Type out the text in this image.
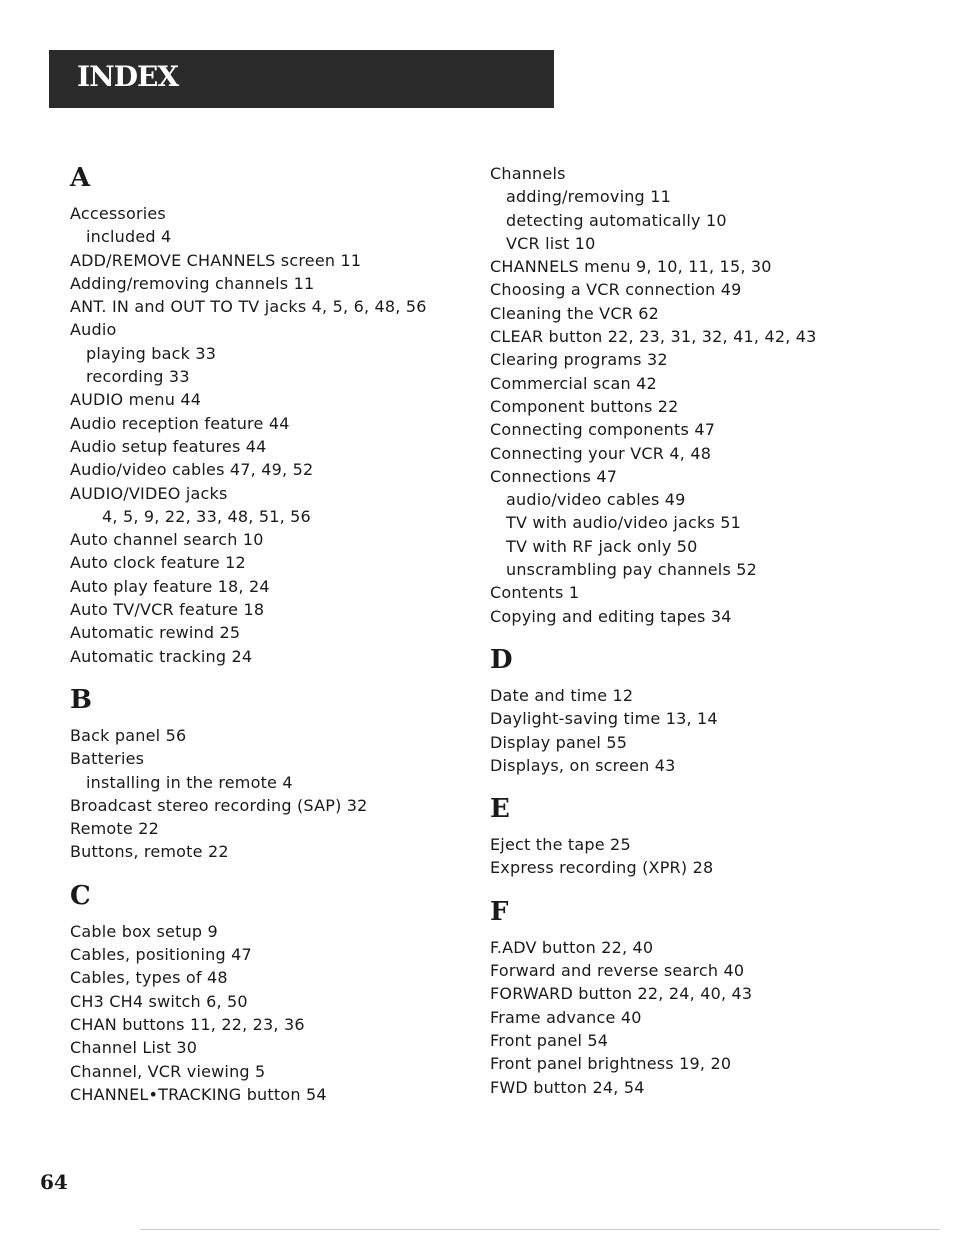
INDEX
A
Accessories
included 4
ADD/REMOVE CHANNELS screen 11
Adding/removing channels 11
ANT. IN and OUT TO TV jacks 4, 5, 6, 48, 56
Audio
playing back 33
recording 33
AUDIO menu 44
Audio reception feature 44
Audio setup features 44
Audio/video cables 47, 49, 52
AUDIO/VIDEO jacks
4, 5, 9, 22, 33, 48, 51, 56
Auto channel search 10
Auto clock feature 12
Auto play feature 18, 24
Auto TV/VCR feature 18
Automatic rewind 25
Automatic tracking 24
B
Back panel 56
Batteries
installing in the remote 4
Broadcast stereo recording (SAP) 32
Remote 22
Buttons, remote 22
C
Cable box setup 9
Cables, positioning 47
Cables, types of 48
CH3 CH4 switch 6, 50
CHAN buttons 11, 22, 23, 36
Channel List 30
Channel, VCR viewing 5
CHANNEL•TRACKING button 54
Channels
adding/removing 11
detecting automatically 10
VCR list 10
CHANNELS menu 9, 10, 11, 15, 30
Choosing a VCR connection 49
Cleaning the VCR 62
CLEAR button 22, 23, 31, 32, 41, 42, 43
Clearing programs 32
Commercial scan 42
Component buttons 22
Connecting components 47
Connecting your VCR 4, 48
Connections 47
audio/video cables 49
TV with audio/video jacks 51
TV with RF jack only 50
unscrambling pay channels 52
Contents 1
Copying and editing tapes 34
D
Date and time 12
Daylight-saving time 13, 14
Display panel 55
Displays, on screen 43
E
Eject the tape 25
Express recording (XPR) 28
F
F.ADV button 22, 40
Forward and reverse search 40
FORWARD button 22, 24, 40, 43
Frame advance 40
Front panel 54
Front panel brightness 19, 20
FWD button 24, 54
64
